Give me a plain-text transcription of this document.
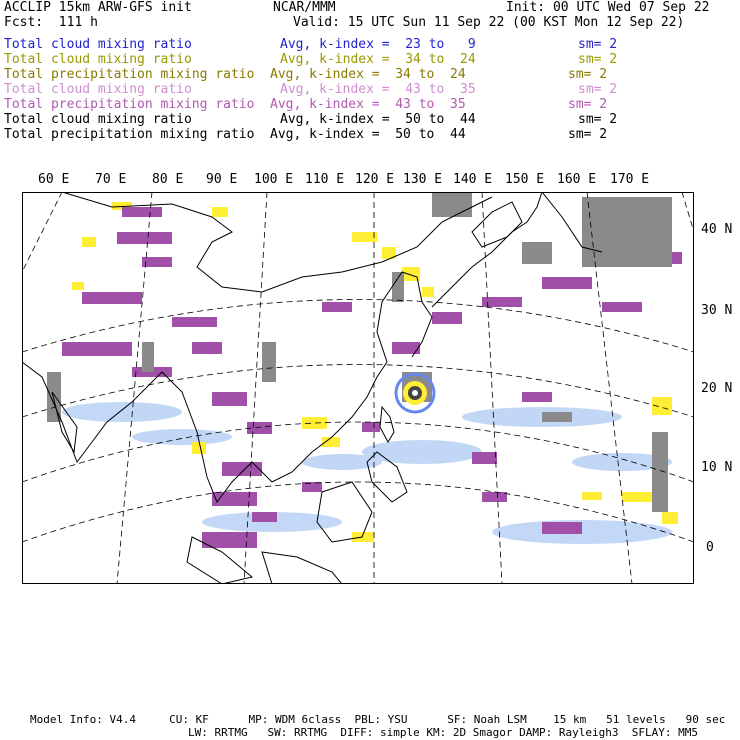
ACCLIP 15km ARW-GFS init	NCAR/MMM	Init: 00 UTC Wed 07 Sep 22
Fcst:  111 h	Valid: 15 UTC Sun 11 Sep 22 (00 KST Mon 12 Sep 22)
Total cloud mixing ratio	Avg, k-index =  23 to   9	sm= 2
Total cloud mixing ratio	Avg, k-index =  34 to  24	sm= 2
Total precipitation mixing ratio Avg, k-index =  34 to  24	sm= 2
Total cloud mixing ratio	Avg, k-index =  43 to  35	sm= 2
Total precipitation mixing ratio Avg, k-index =  43 to  35	sm= 2
Total cloud mixing ratio	Avg, k-index =  50 to  44	sm= 2
Total precipitation mixing ratio Avg, k-index =  50 to  44	sm= 2
60 E 70 E 80 E 90 E 100 E 110 E 120 E 130 E 140 E 150 E 160 E 170 E
40 N
30 N
20 N
10 N
0
Model Info: V4.4     CU: KF      MP: WDM 6class  PBL: YSU      SF: Noah LSM    15 km   51 levels   90 sec
LW: RRTMG   SW: RRTMG  DIFF: simple KM: 2D Smagor DAMP: Rayleigh3  SFLAY: MM5
